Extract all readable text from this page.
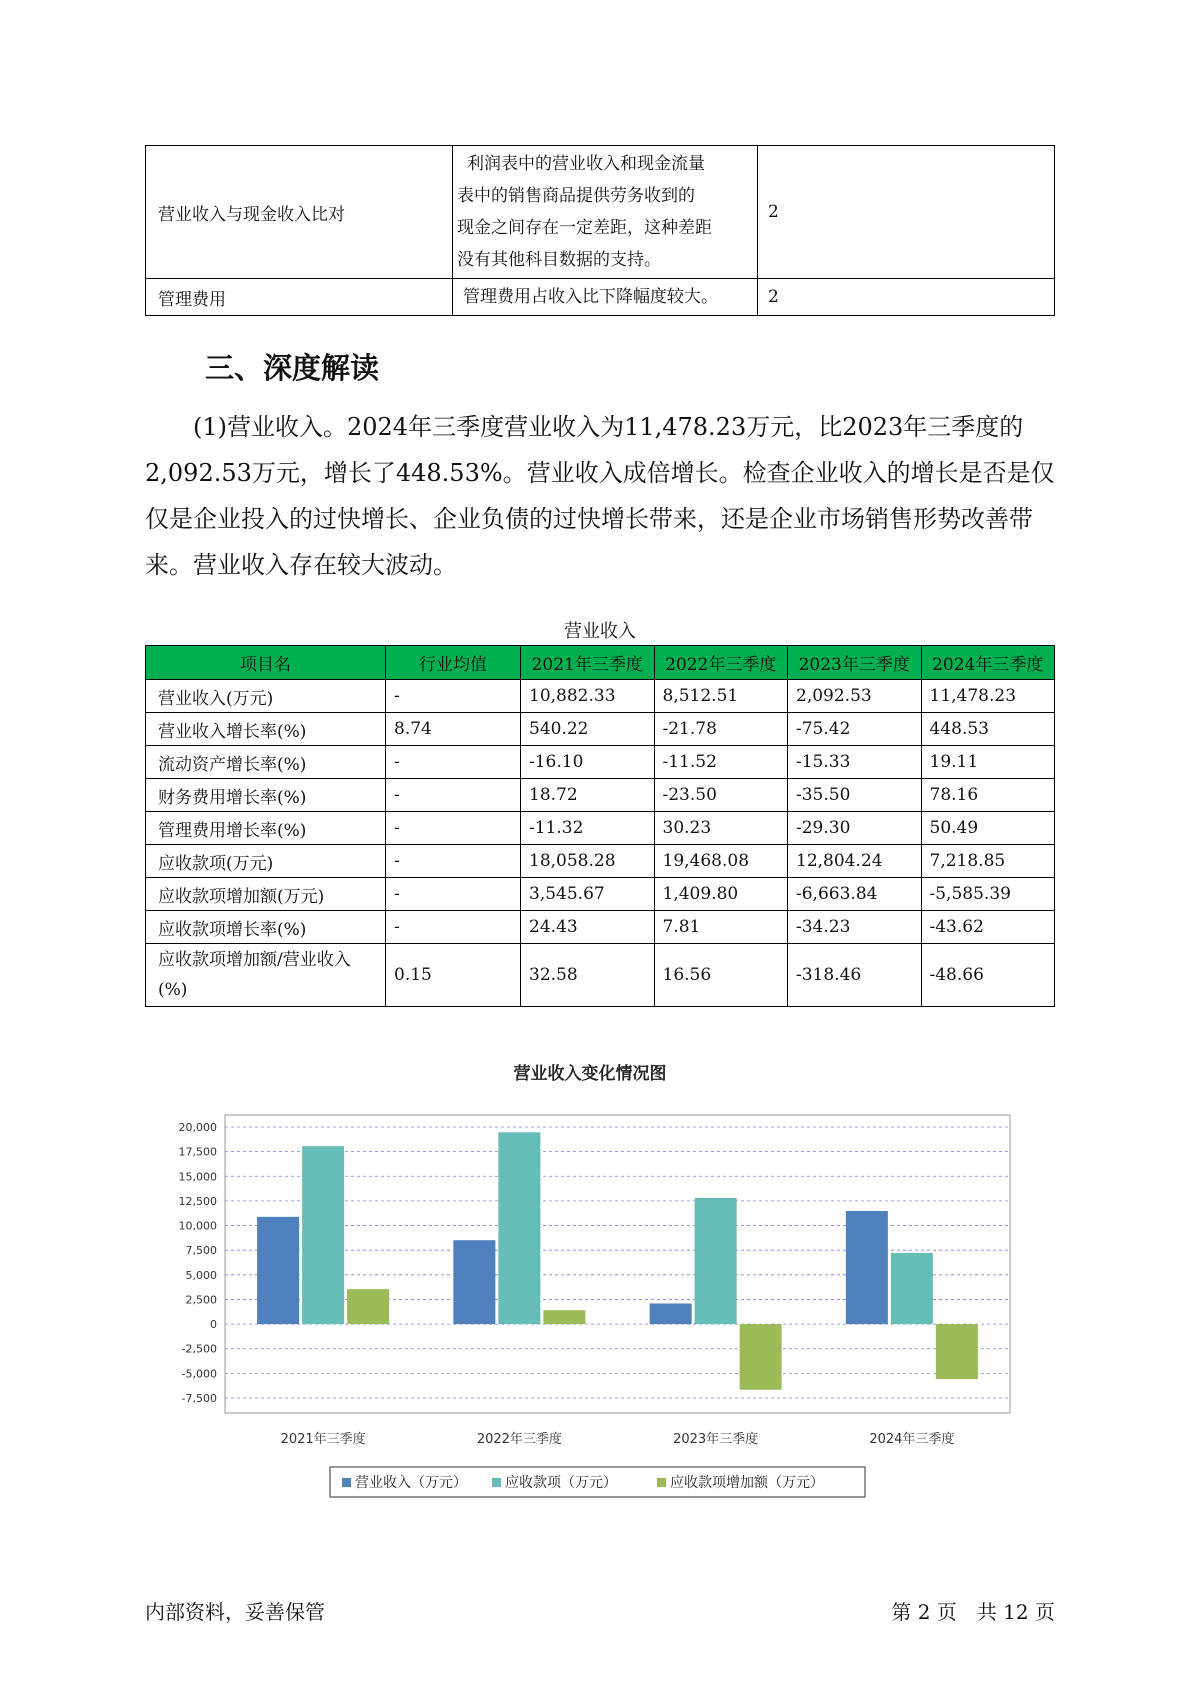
营业收入与现金收入比对	利润表中的营业收入和现金流量
表中的销售商品提供劳务收到的
现金之间存在一定差距，这种差距
没有其他科目数据的支持。	2
管理费用	管理费用占收入比下降幅度较大。	2
三、深度解读
(1)营业收入。2024年三季度营业收入为11,478.23万元，比2023年三季度的2,092.53万元，增长了448.53%。营业收入成倍增长。检查企业收入的增长是否是仅仅是企业投入的过快增长、企业负债的过快增长带来，还是企业市场销售形势改善带来。营业收入存在较大波动。
营业收入
项目名	行业均值	2021年三季度	2022年三季度	2023年三季度	2024年三季度
营业收入(万元)	-	10,882.33	8,512.51	2,092.53	11,478.23
营业收入增长率(%)	8.74	540.22	-21.78	-75.42	448.53
流动资产增长率(%)	-	-16.10	-11.52	-15.33	19.11
财务费用增长率(%)	-	18.72	-23.50	-35.50	78.16
管理费用增长率(%)	-	-11.32	30.23	-29.30	50.49
应收款项(万元)	-	18,058.28	19,468.08	12,804.24	7,218.85
应收款项增加额(万元)	-	3,545.67	1,409.80	-6,663.84	-5,585.39
应收款项增长率(%)	-	24.43	7.81	-34.23	-43.62
应收款项增加额/营业收入(%)	0.15	32.58	16.56	-318.46	-48.66
营业收入变化情况图
20,000
17,500
15,000
12,500
10,000
7,500
5,000
2,500
0
-2,500
-5,000
-7,500
2021年三季度	2022年三季度	2023年三季度	2024年三季度
营业收入（万元）	应收款项（万元）	应收款项增加额（万元）
内部资料，妥善保管	第 2 页　共 12 页
